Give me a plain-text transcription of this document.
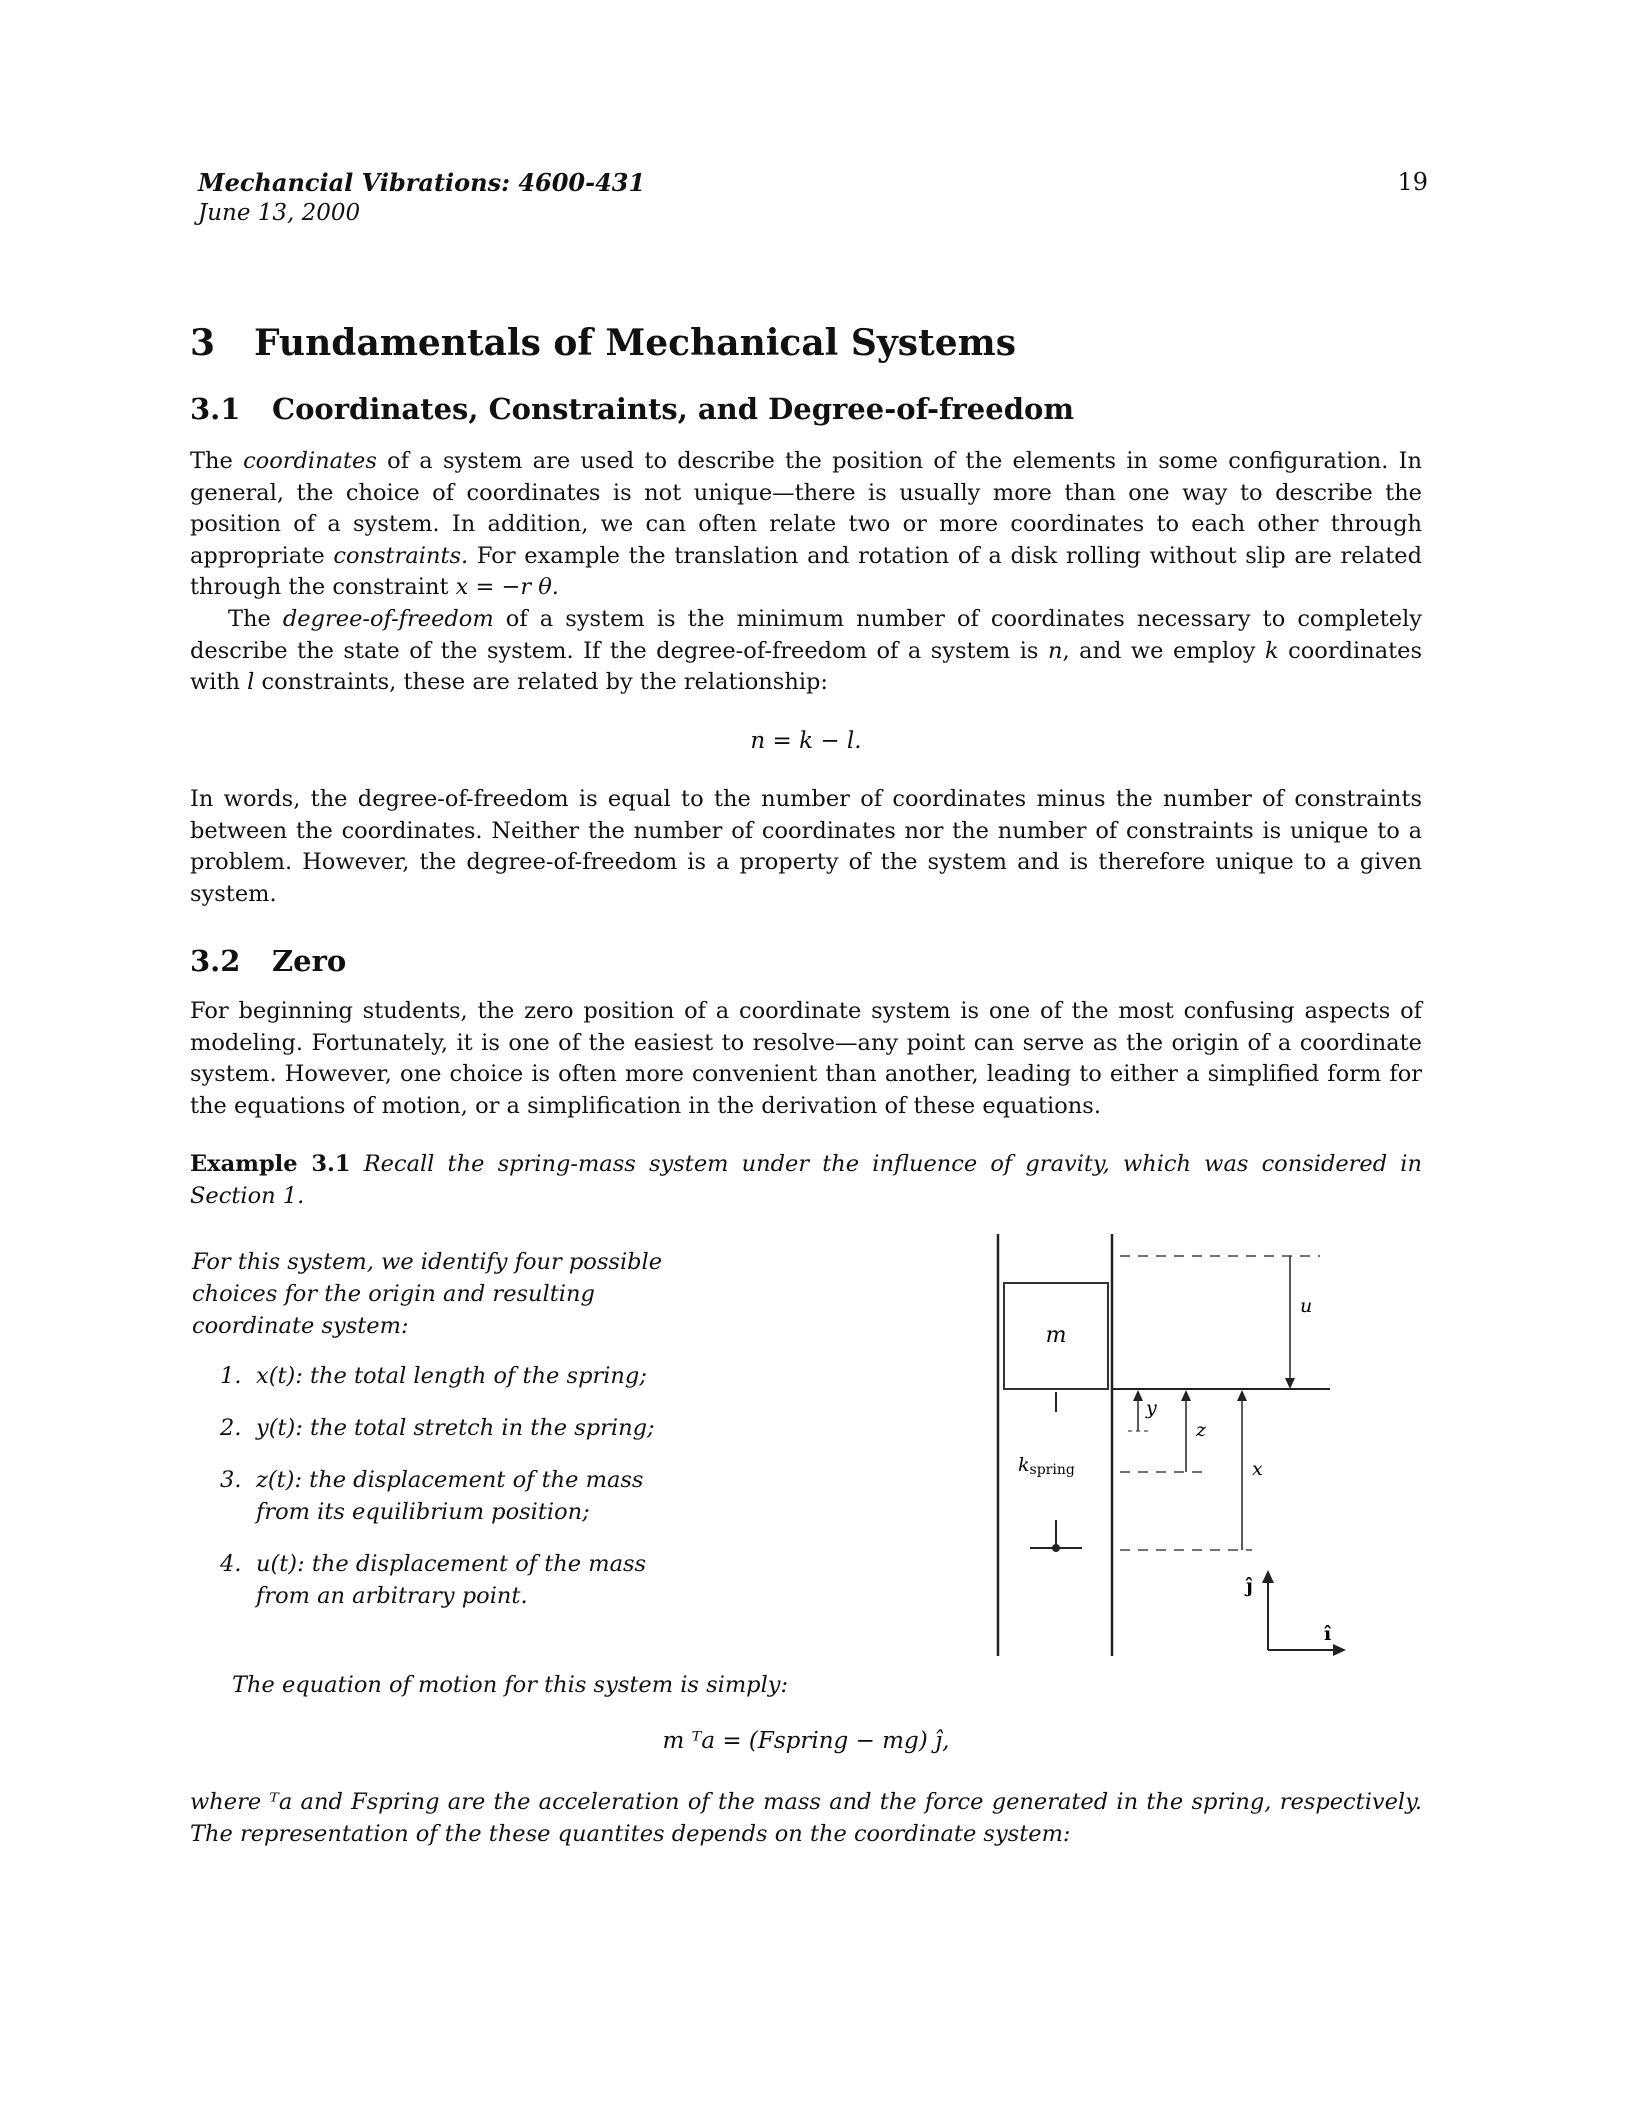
Mechancial Vibrations: 4600-431
June 13, 2000
19
3 Fundamentals of Mechanical Systems
3.1 Coordinates, Constraints, and Degree-of-freedom
The coordinates of a system are used to describe the position of the elements in some configuration. In general, the choice of coordinates is not unique—there is usually more than one way to describe the position of a system. In addition, we can often relate two or more coordinates to each other through appropriate constraints. For example the translation and rotation of a disk rolling without slip are related through the constraint x = −r θ.
The degree-of-freedom of a system is the minimum number of coordinates necessary to completely describe the state of the system. If the degree-of-freedom of a system is n, and we employ k coordinates with l constraints, these are related by the relationship:
n = k − l.
In words, the degree-of-freedom is equal to the number of coordinates minus the number of constraints between the coordinates. Neither the number of coordinates nor the number of constraints is unique to a problem. However, the degree-of-freedom is a property of the system and is therefore unique to a given system.
3.2 Zero
For beginning students, the zero position of a coordinate system is one of the most confusing aspects of modeling. Fortunately, it is one of the easiest to resolve—any point can serve as the origin of a coordinate system. However, one choice is often more convenient than another, leading to either a simplified form for the equations of motion, or a simplification in the derivation of these equations.
Example 3.1 Recall the spring-mass system under the influence of gravity, which was considered in Section 1.
For this system, we identify four possible choices for the origin and resulting coordinate system:
1. x(t): the total length of the spring;
2. y(t): the total stretch in the spring;
3. z(t): the displacement of the mass
from its equilibrium position;
4. u(t): the displacement of the mass
from an arbitrary point.
m
kspring
u
y
z
x
ĵ
ı̂
The equation of motion for this system is simply:
m ᵀa = (Fspring − mg) ĵ,
where ᵀa and Fspring are the acceleration of the mass and the force generated in the spring, respectively. The representation of the these quantites depends on the coordinate system:
